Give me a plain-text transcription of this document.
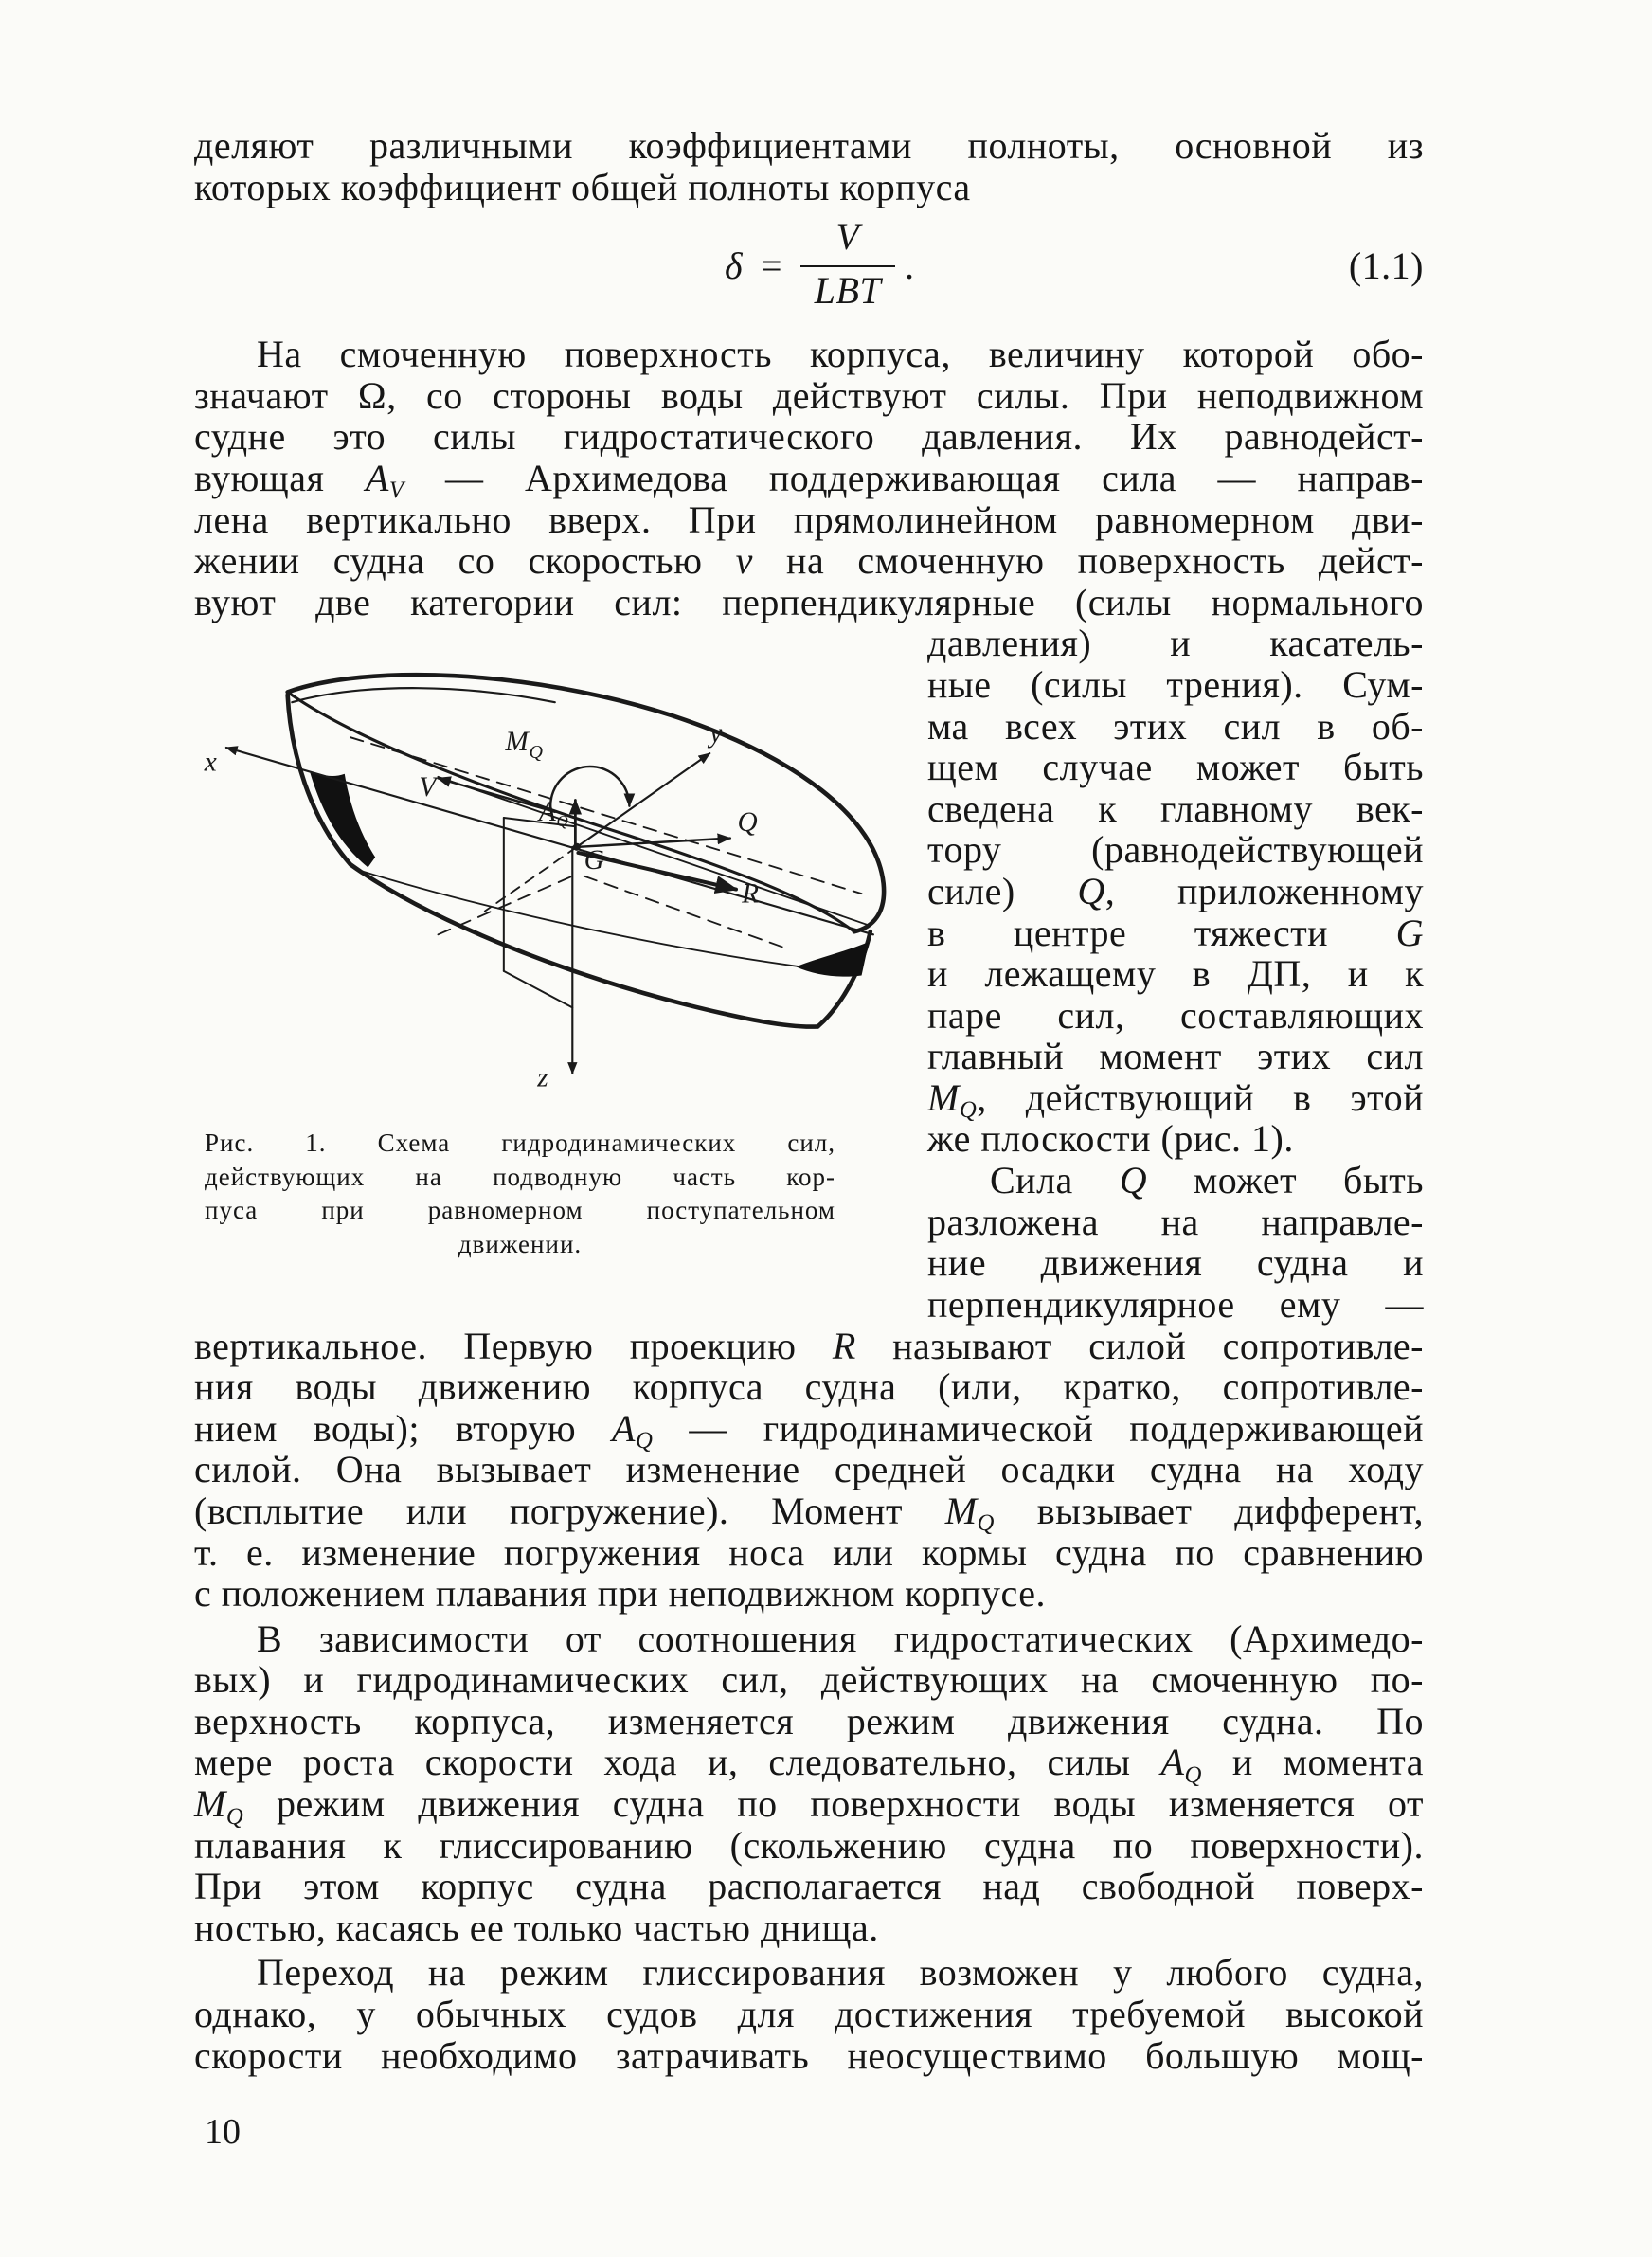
деляют различными коэффициентами полноты, основной из
которых коэффициент общей полноты корпуса
δ =
V
LBT
.	(1.1)
На смоченную поверхность корпуса, величину которой обо-
значают Ω, со стороны воды действуют силы. При неподвижном
судне это силы гидростатического давления. Их равнодейст-
вующая $A_V$ — Архимедова поддерживающая сила — направ-
лена вертикально вверх. При прямолинейном равномерном дви-
жении судна со скоростью v на смоченную поверхность дейст-
вуют две категории сил: перпендикулярные (силы нормального
x
y
z
V
$M_Q$
$A_Q$
G
Q
R
Рис. 1. Схема гидродинамических сил,
действующих на подводную часть кор-
пуса при равномерном поступательном
движении.
давления) и касатель-
ные (силы трения). Сум-
ма всех этих сил в об-
щем случае может быть
сведена к главному век-
тору (равнодействующей
силе) Q, приложенному
в центре тяжести G
и лежащему в ДП, и к
паре сил, составляющих
главный момент этих сил
$M_Q$, действующий в этой
же плоскости (рис. 1).
Сила Q может быть
разложена на направле-
ние движения судна и
перпендикулярное ему —
вертикальное. Первую проекцию R называют силой сопротивле-
ния воды движению корпуса судна (или, кратко, сопротивле-
нием воды); вторую $A_Q$ — гидродинамической поддерживающей
силой. Она вызывает изменение средней осадки судна на ходу
(всплытие или погружение). Момент $M_Q$ вызывает дифферент,
т. е. изменение погружения носа или кормы судна по сравнению
с положением плавания при неподвижном корпусе.
В зависимости от соотношения гидростатических (Архимедо-
вых) и гидродинамических сил, действующих на смоченную по-
верхность корпуса, изменяется режим движения судна. По
мере роста скорости хода и, следовательно, силы $A_Q$ и момента
$M_Q$ режим движения судна по поверхности воды изменяется от
плавания к глиссированию (скольжению судна по поверхности).
При этом корпус судна располагается над свободной поверх-
ностью, касаясь ее только частью днища.
Переход на режим глиссирования возможен у любого судна,
однако, у обычных судов для достижения требуемой высокой
скорости необходимо затрачивать неосуществимо большую мощ-
10
